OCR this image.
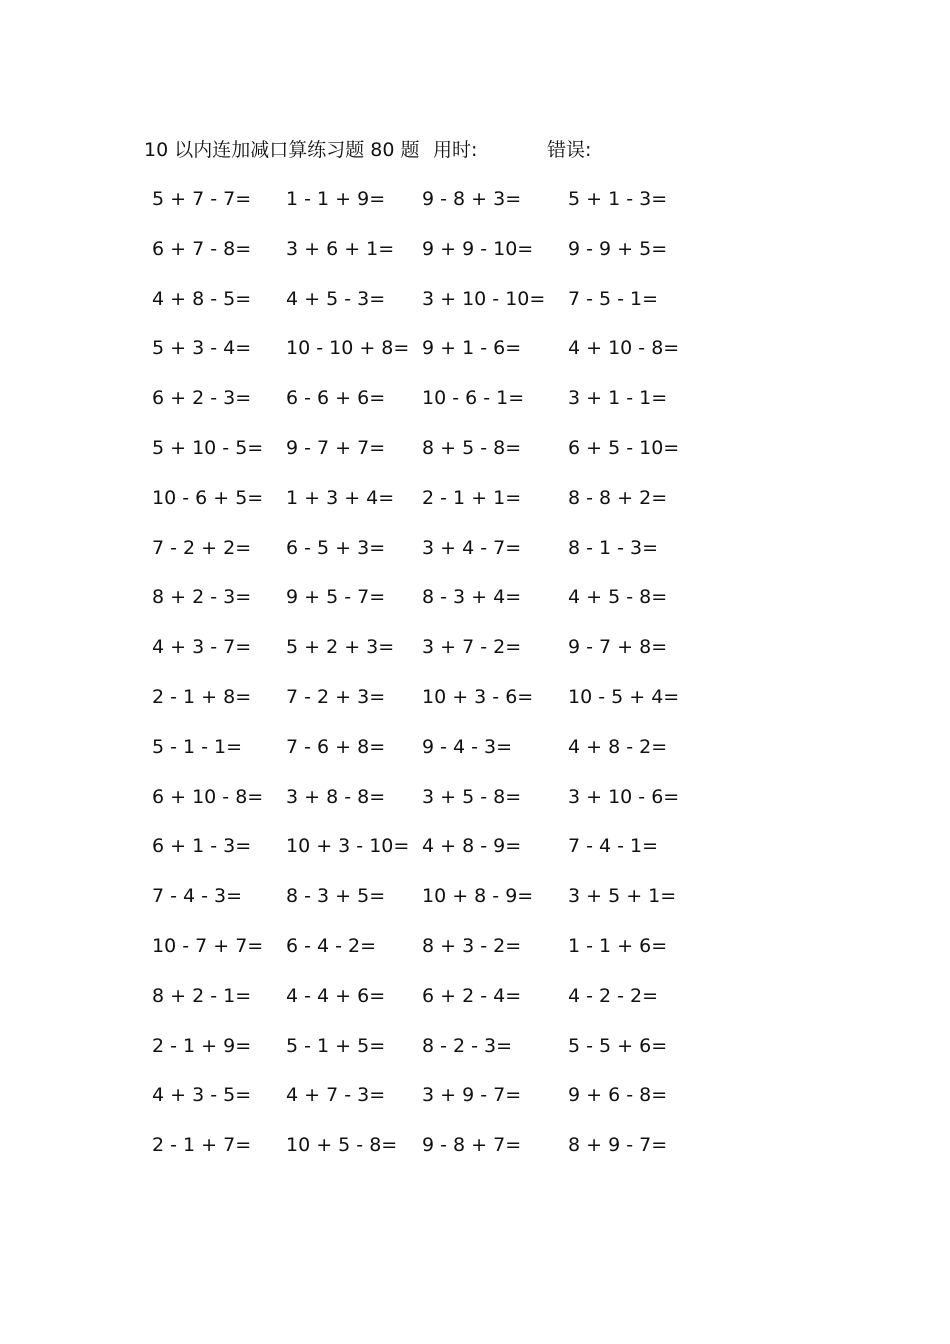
10 以内连加减口算练习题 80 题 用时:	错误:
5 + 7 - 7= 1 - 1 + 9=	9 - 8 + 3=	5 + 1 - 3=
6 + 7 - 8= 3 + 6 + 1= 9 + 9 - 10=	9 - 9 + 5=
4 + 8 - 5= 4 + 5 - 3=	3 + 10 - 10= 7 - 5 - 1=
5 + 3 - 4= 10 - 10 + 8= 9 + 1 - 6=	4 + 10 - 8=
6 + 2 - 3= 6 - 6 + 6=	10 - 6 - 1=	3 + 1 - 1=
5 + 10 - 5= 9 - 7 + 7=	8 + 5 - 8=	6 + 5 - 10=
10 - 6 + 5= 1 + 3 + 4= 2 - 1 + 1=	8 - 8 + 2=
7 - 2 + 2= 6 - 5 + 3=	3 + 4 - 7=	8 - 1 - 3=
8 + 2 - 3= 9 + 5 - 7=	8 - 3 + 4=	4 + 5 - 8=
4 + 3 - 7= 5 + 2 + 3= 3 + 7 - 2=	9 - 7 + 8=
2 - 1 + 8= 7 - 2 + 3=	10 + 3 - 6=	10 - 5 + 4=
5 - 1 - 1=	7 - 6 + 8=	9 - 4 - 3=	4 + 8 - 2=
6 + 10 - 8= 3 + 8 - 8=	3 + 5 - 8=	3 + 10 - 6=
6 + 1 - 3= 10 + 3 - 10= 4 + 8 - 9=	7 - 4 - 1=
7 - 4 - 3=	8 - 3 + 5=	10 + 8 - 9=	3 + 5 + 1=
10 - 7 + 7= 6 - 4 - 2=	8 + 3 - 2=	1 - 1 + 6=
8 + 2 - 1= 4 - 4 + 6=	6 + 2 - 4=	4 - 2 - 2=
2 - 1 + 9= 5 - 1 + 5=	8 - 2 - 3=	5 - 5 + 6=
4 + 3 - 5= 4 + 7 - 3=	3 + 9 - 7=	9 + 6 - 8=
2 - 1 + 7= 10 + 5 - 8= 9 - 8 + 7=	8 + 9 - 7=
